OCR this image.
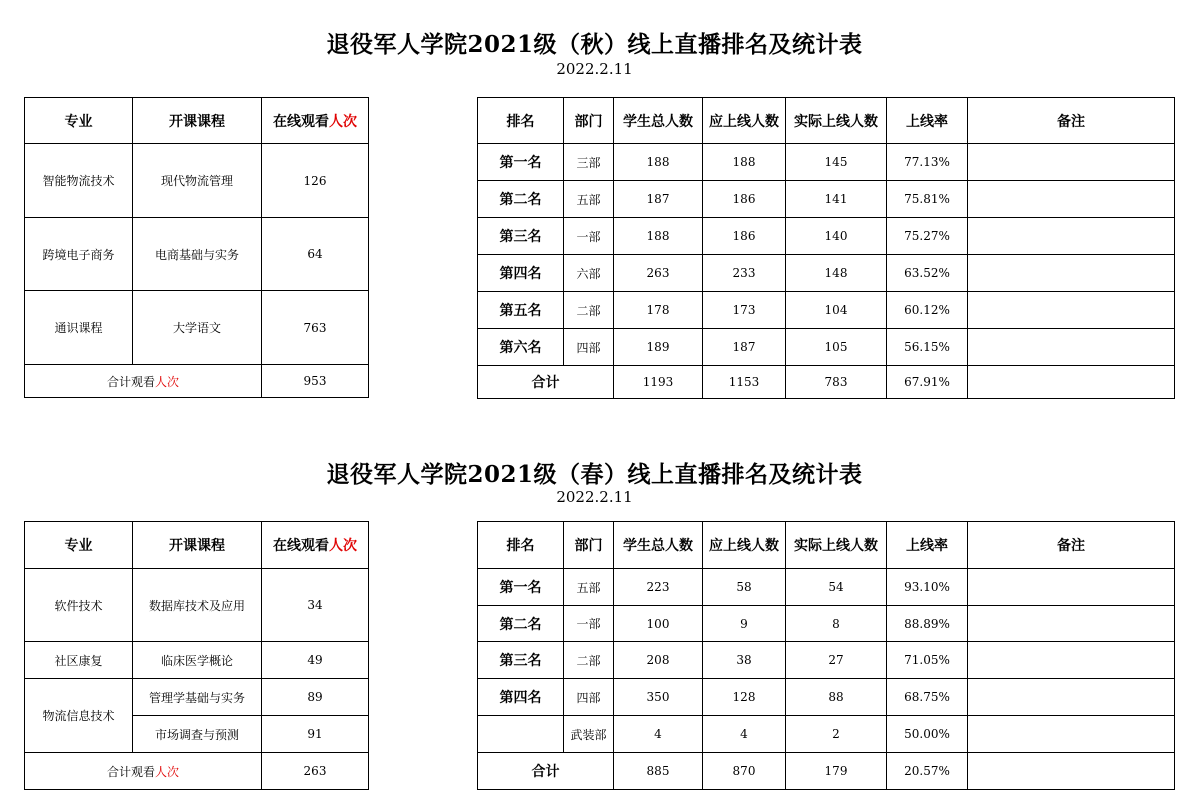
退役军人学院2021级（秋）线上直播排名及统计表
2022.2.11
专业	开课课程	在线观看人次
智能物流技术	现代物流管理	126
跨境电子商务	电商基础与实务	64
通识课程	大学语文	763
合计观看人次		953
排名	部门	学生总人数	应上线人数	实际上线人数	上线率	备注
第一名	三部	188	188	145	77.13%	
第二名	五部	187	186	141	75.81%	
第三名	一部	188	186	140	75.27%	
第四名	六部	263	233	148	63.52%	
第五名	二部	178	173	104	60.12%	
第六名	四部	189	187	105	56.15%	
合计		1193	1153	783	67.91%	
退役军人学院2021级（春）线上直播排名及统计表
2022.2.11
专业	开课课程	在线观看人次
软件技术	数据库技术及应用	34
社区康复	临床医学概论	49
物流信息技术	管理学基础与实务	89
	市场调查与预测	91
合计观看人次		263
排名	部门	学生总人数	应上线人数	实际上线人数	上线率	备注
第一名	五部	223	58	54	93.10%	
第二名	一部	100	9	8	88.89%	
第三名	二部	208	38	27	71.05%	
第四名	四部	350	128	88	68.75%	
	武装部	4	4	2	50.00%	
合计		885	870	179	20.57%	
